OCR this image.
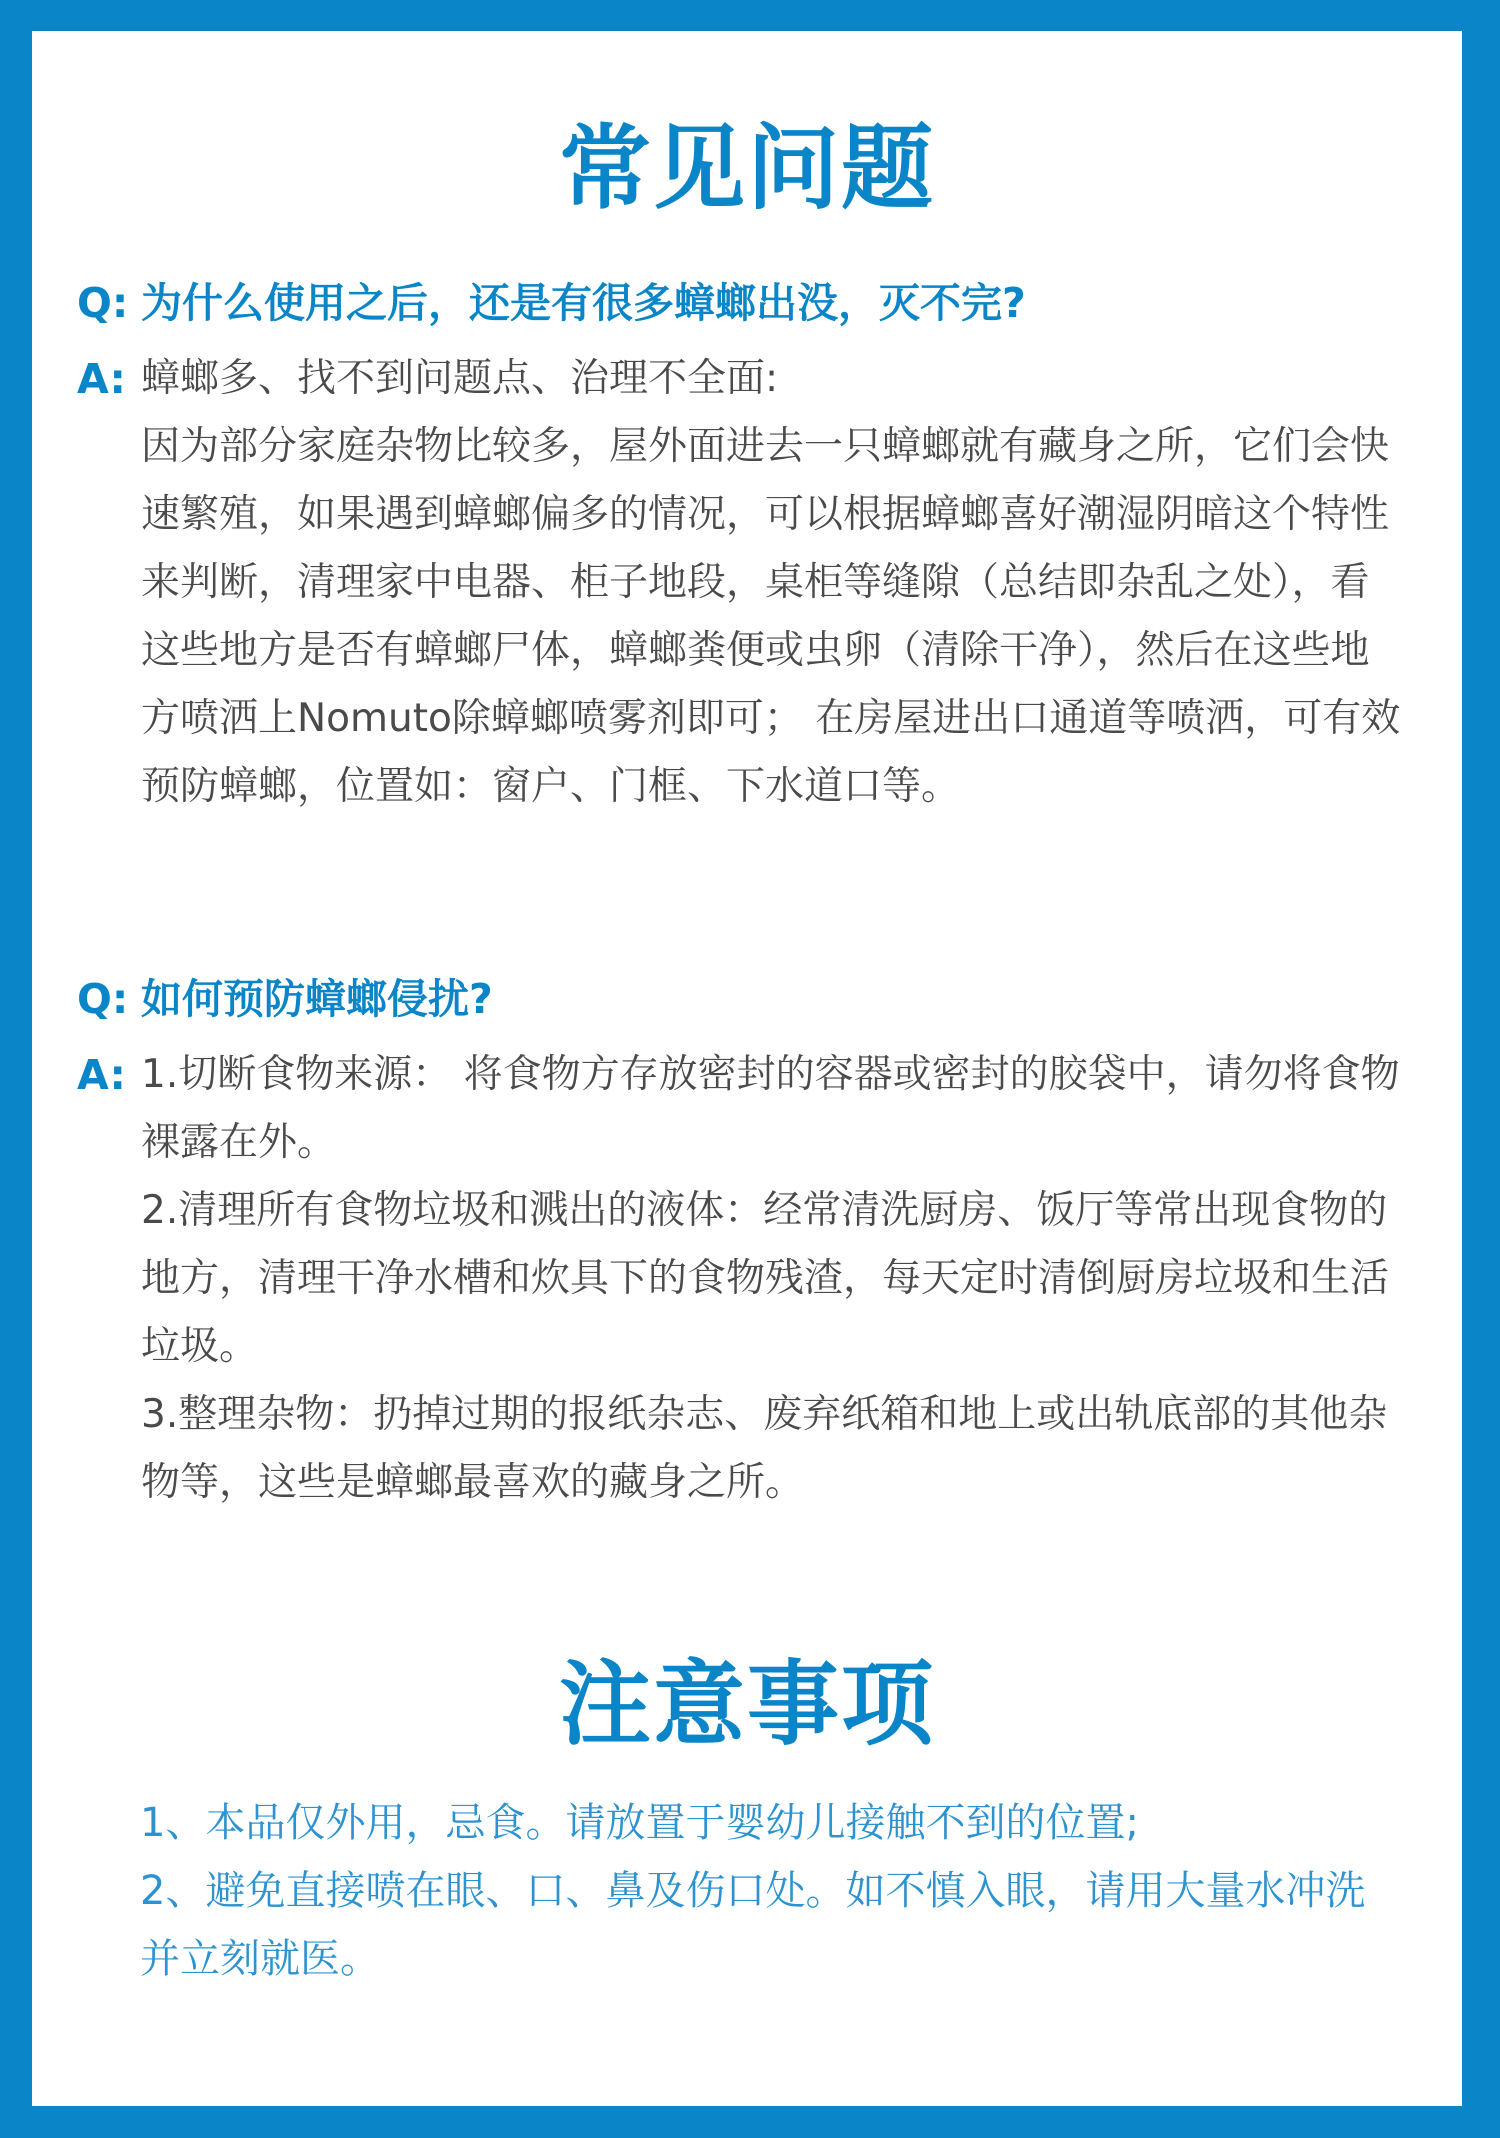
常见问题
Q: 为什么使用之后，还是有很多蟑螂出没，灭不完?
A: 蟑螂多、找不到问题点、治理不全面:

因为部分家庭杂物比较多，屋外面进去一只蟑螂就有藏身之所，它们会快速繁殖，如果遇到蟑螂偏多的情况，可以根据蟑螂喜好潮湿阴暗这个特性来判断，清理家中电器、柜子地段，桌柜等缝隙（总结即杂乱之处），看这些地方是否有蟑螂尸体，蟑螂粪便或虫卵（清除干净），然后在这些地方喷洒上Nomuto除蟑螂喷雾剂即可； 在房屋进出口通道等喷洒，可有效预防蟑螂，位置如：窗户、门框、下水道口等。

Q: 如何预防蟑螂侵扰?
A: 1.切断食物来源： 将食物方存放密封的容器或密封的胶袋中，请勿将食物裸露在外。

2.清理所有食物垃圾和溅出的液体：经常清洗厨房、饭厅等常出现食物的地方，清理干净水槽和炊具下的食物残渣，每天定时清倒厨房垃圾和生活垃圾。

3.整理杂物：扔掉过期的报纸杂志、废弃纸箱和地上或出轨底部的其他杂物等，这些是蟑螂最喜欢的藏身之所。

注意事项

1、本品仅外用，忌食。请放置于婴幼儿接触不到的位置;

2、避免直接喷在眼、口、鼻及伤口处。如不慎入眼，请用大量水冲洗并立刻就医。
